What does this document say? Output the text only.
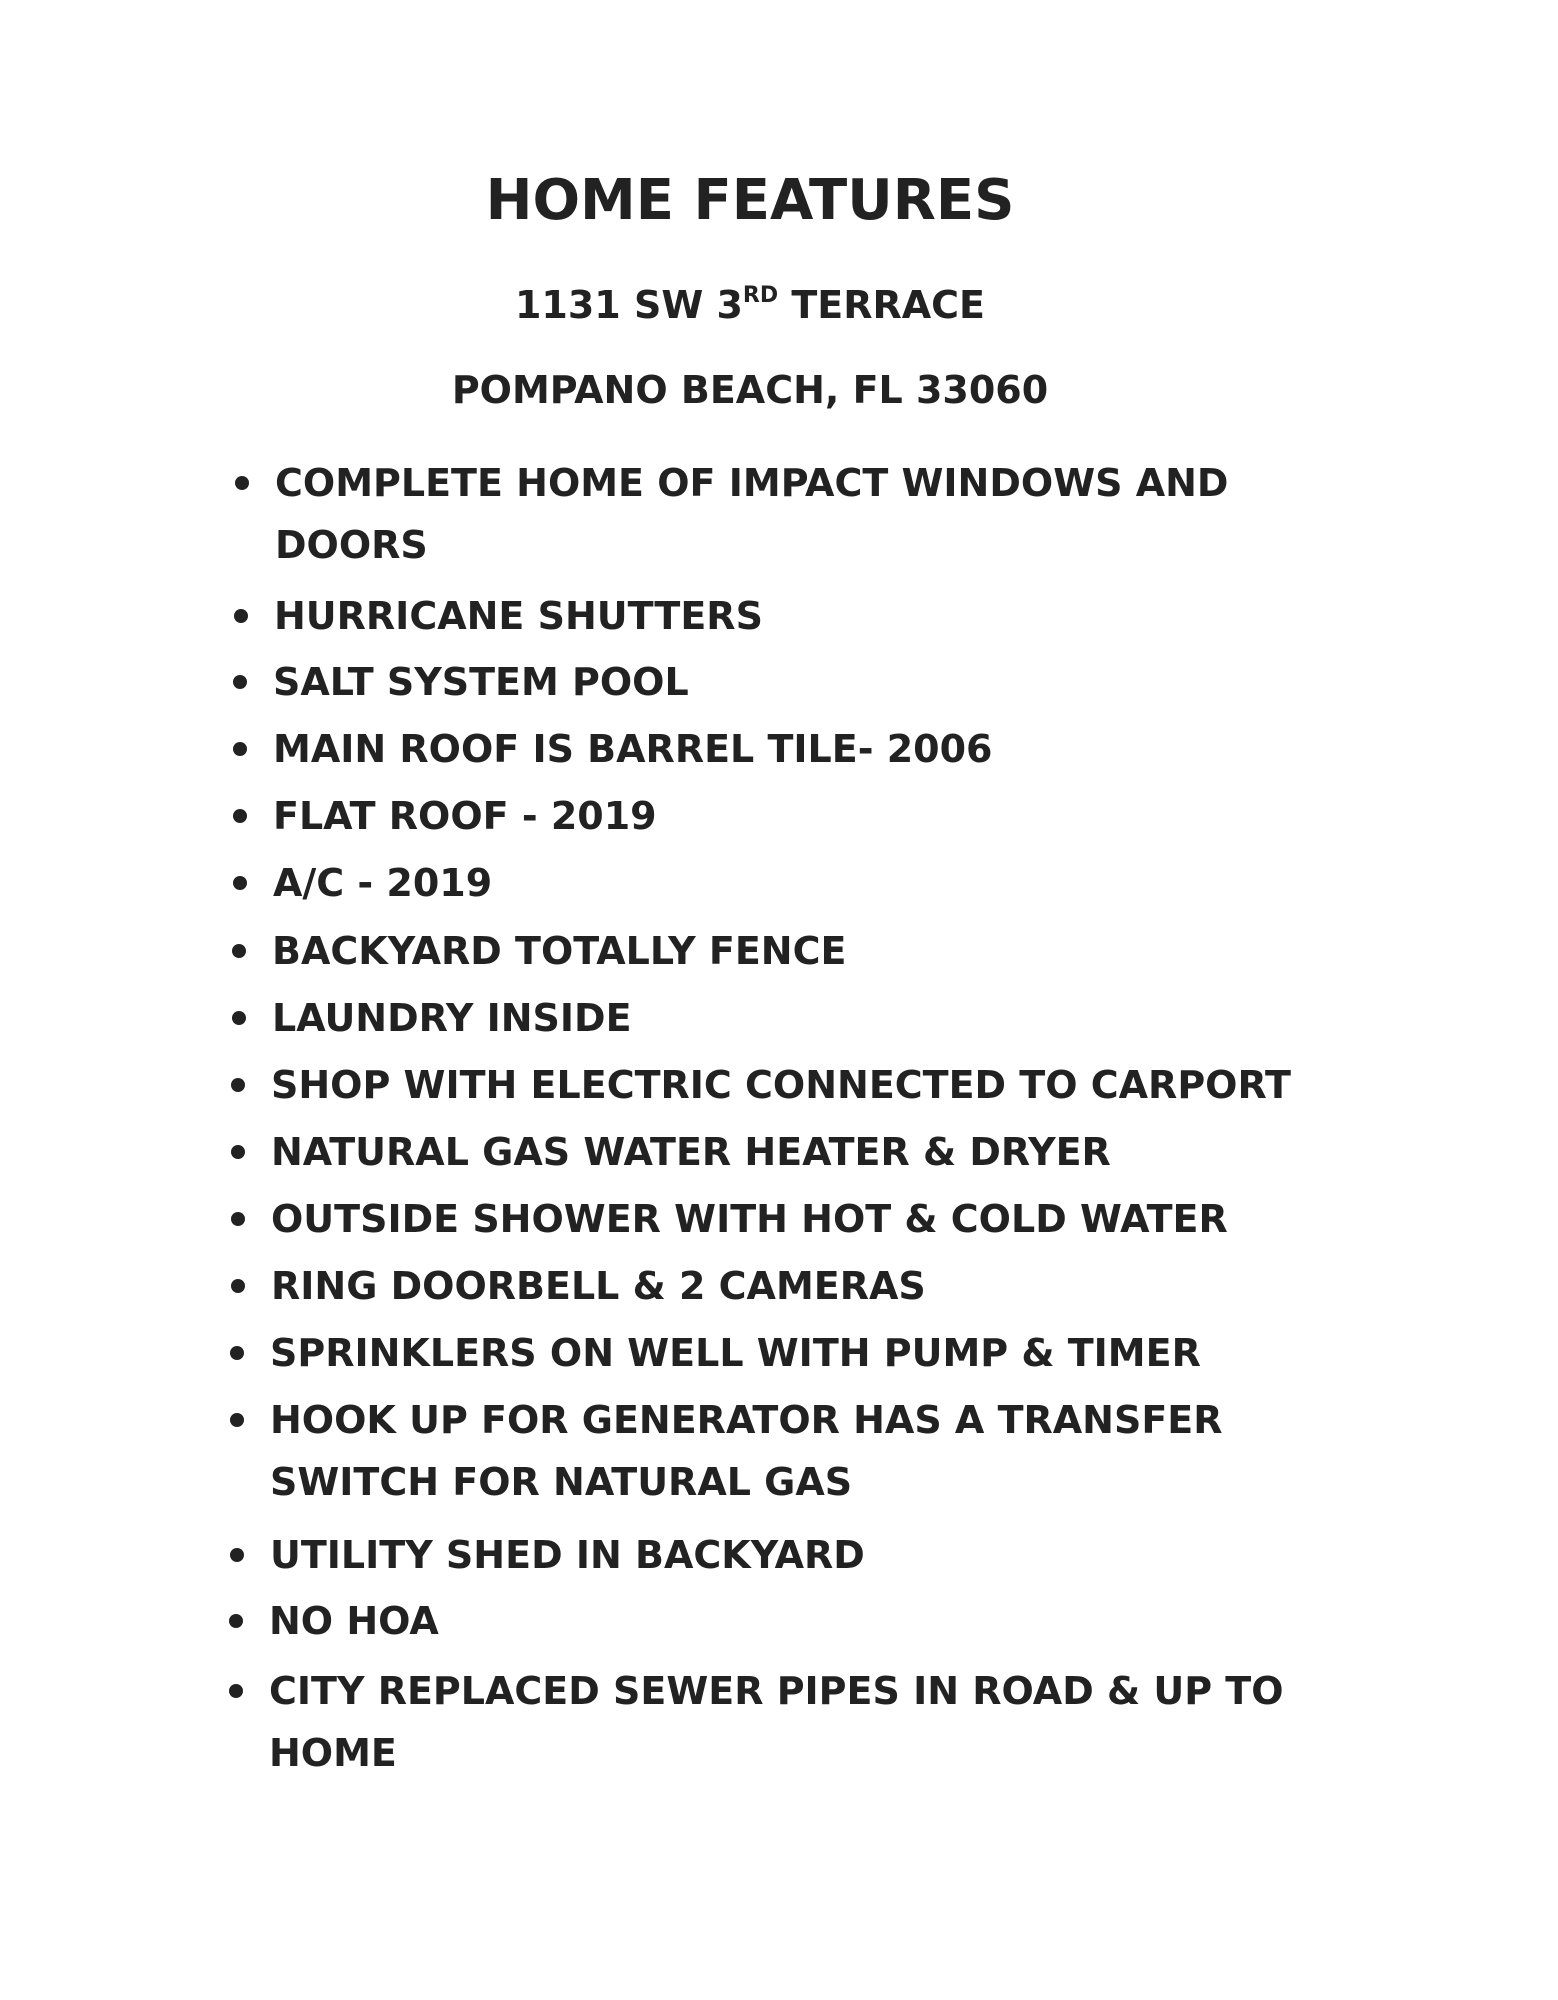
HOME FEATURES
1131 SW 3RD TERRACE
POMPANO BEACH, FL 33060
COMPLETE HOME OF IMPACT WINDOWS AND DOORS
HURRICANE SHUTTERS
SALT SYSTEM POOL
MAIN ROOF IS BARREL TILE- 2006
FLAT ROOF - 2019
A/C - 2019
BACKYARD TOTALLY FENCE
LAUNDRY INSIDE
SHOP WITH ELECTRIC CONNECTED TO CARPORT
NATURAL GAS WATER HEATER & DRYER
OUTSIDE SHOWER WITH HOT & COLD WATER
RING DOORBELL & 2 CAMERAS
SPRINKLERS ON WELL WITH PUMP & TIMER
HOOK UP FOR GENERATOR HAS A TRANSFER SWITCH FOR NATURAL GAS
UTILITY SHED IN BACKYARD
NO HOA
CITY REPLACED SEWER PIPES IN ROAD & UP TO HOME
